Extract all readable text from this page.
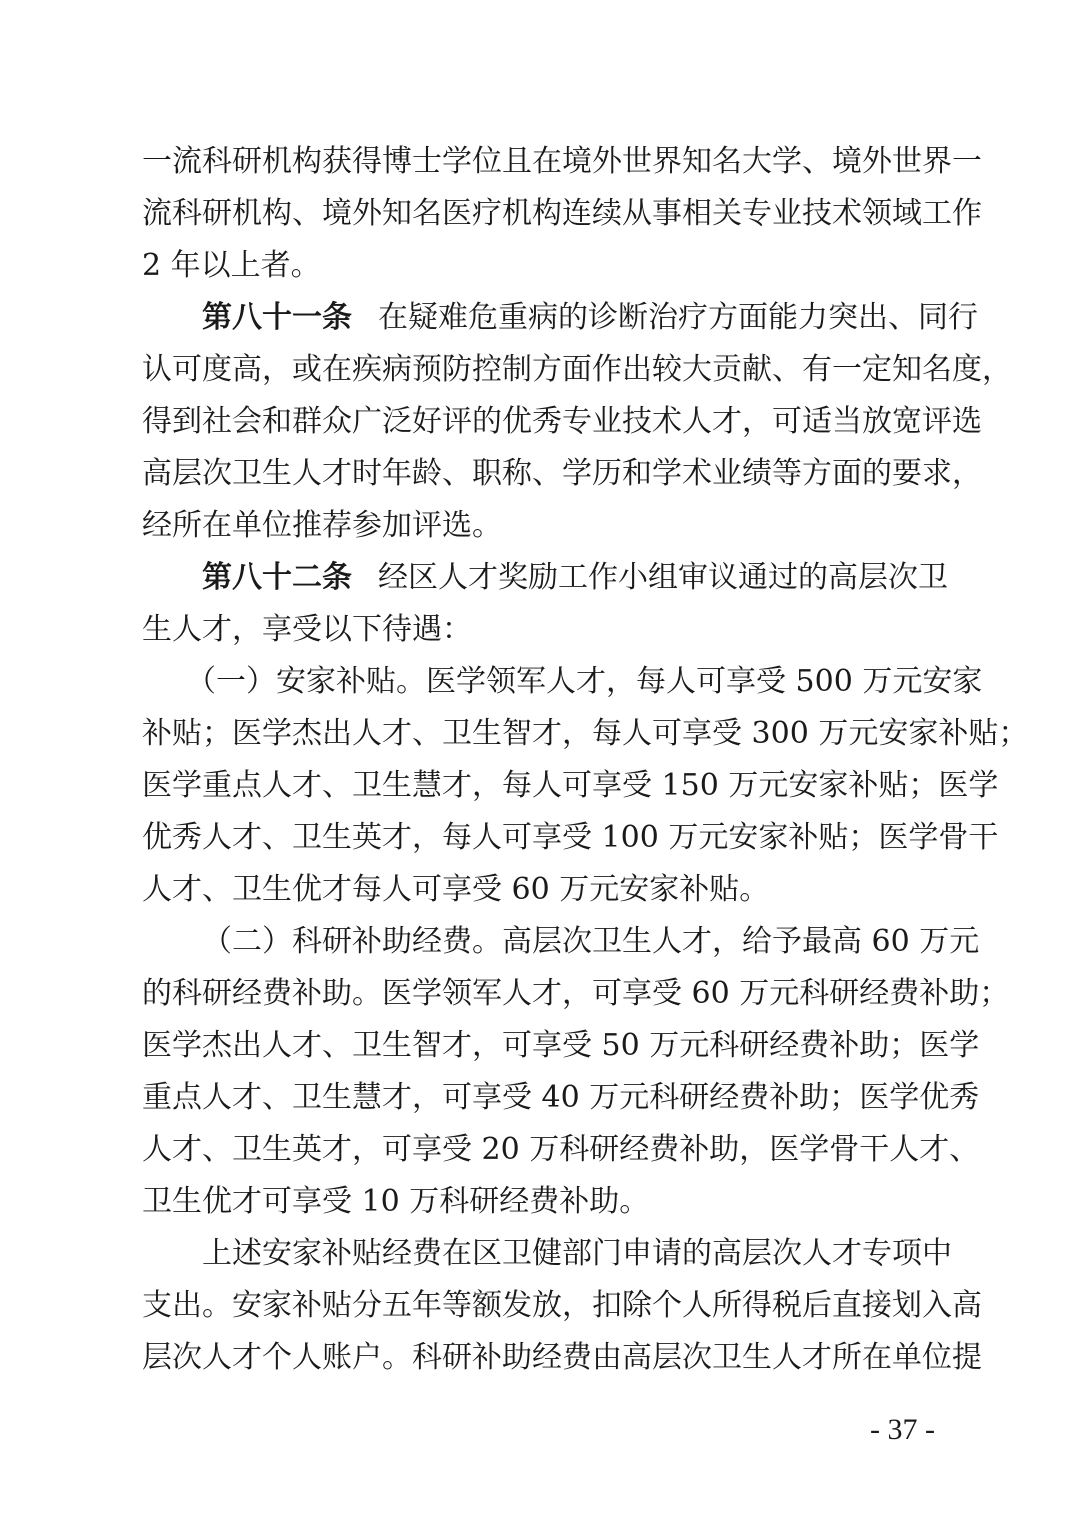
一流科研机构获得博士学位且在境外世界知名大学、境外世界一
流科研机构、境外知名医疗机构连续从事相关专业技术领域工作
2 年以上者。
第八十一条 在疑难危重病的诊断治疗方面能力突出、同行
认可度高，或在疾病预防控制方面作出较大贡献、有一定知名度，
得到社会和群众广泛好评的优秀专业技术人才，可适当放宽评选
高层次卫生人才时年龄、职称、学历和学术业绩等方面的要求，
经所在单位推荐参加评选。
第八十二条 经区人才奖励工作小组审议通过的高层次卫
生人才，享受以下待遇：
（一）安家补贴。医学领军人才，每人可享受 500 万元安家
补贴；医学杰出人才、卫生智才，每人可享受 300 万元安家补贴；
医学重点人才、卫生慧才，每人可享受 150 万元安家补贴；医学
优秀人才、卫生英才，每人可享受 100 万元安家补贴；医学骨干
人才、卫生优才每人可享受 60 万元安家补贴。
（二）科研补助经费。高层次卫生人才，给予最高 60 万元
的科研经费补助。医学领军人才，可享受 60 万元科研经费补助；
医学杰出人才、卫生智才，可享受 50 万元科研经费补助；医学
重点人才、卫生慧才，可享受 40 万元科研经费补助；医学优秀
人才、卫生英才，可享受 20 万科研经费补助，医学骨干人才、
卫生优才可享受 10 万科研经费补助。
上述安家补贴经费在区卫健部门申请的高层次人才专项中
支出。安家补贴分五年等额发放，扣除个人所得税后直接划入高
层次人才个人账户。科研补助经费由高层次卫生人才所在单位提
- 37 -
